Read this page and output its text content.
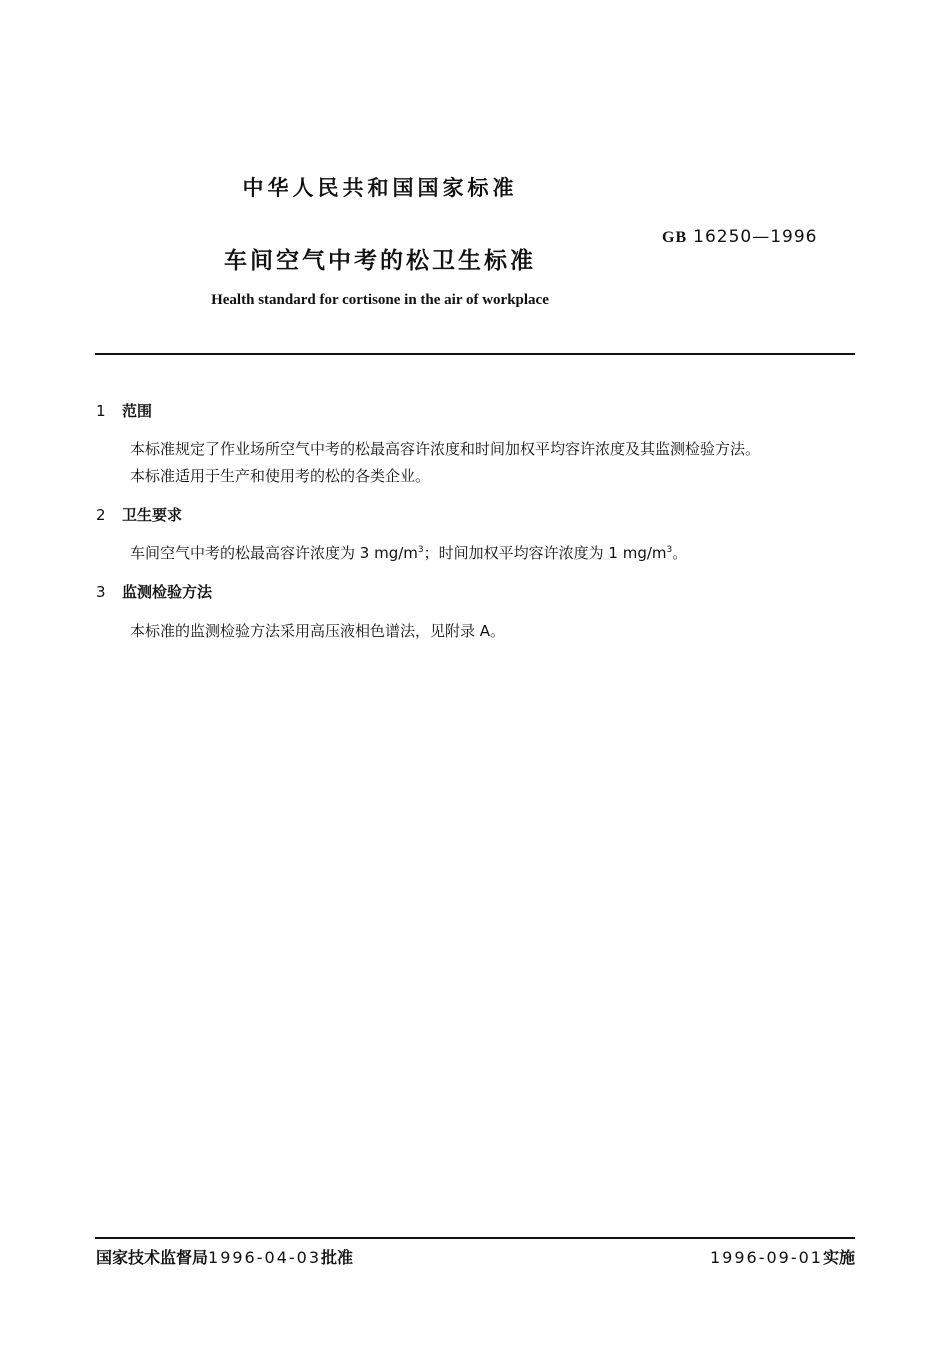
中华人民共和国国家标准
GB 16250—1996
车间空气中考的松卫生标准
Health standard for cortisone in the air of workplace
1 范围
本标准规定了作业场所空气中考的松最高容许浓度和时间加权平均容许浓度及其监测检验方法。
本标准适用于生产和使用考的松的各类企业。
2 卫生要求
车间空气中考的松最高容许浓度为 3 $mg/m^3$；时间加权平均容许浓度为 1 $mg/m^3$。
3 监测检验方法
本标准的监测检验方法采用高压液相色谱法，见附录 A。
国家技术监督局1996-04-03批准	1996-09-01实施
